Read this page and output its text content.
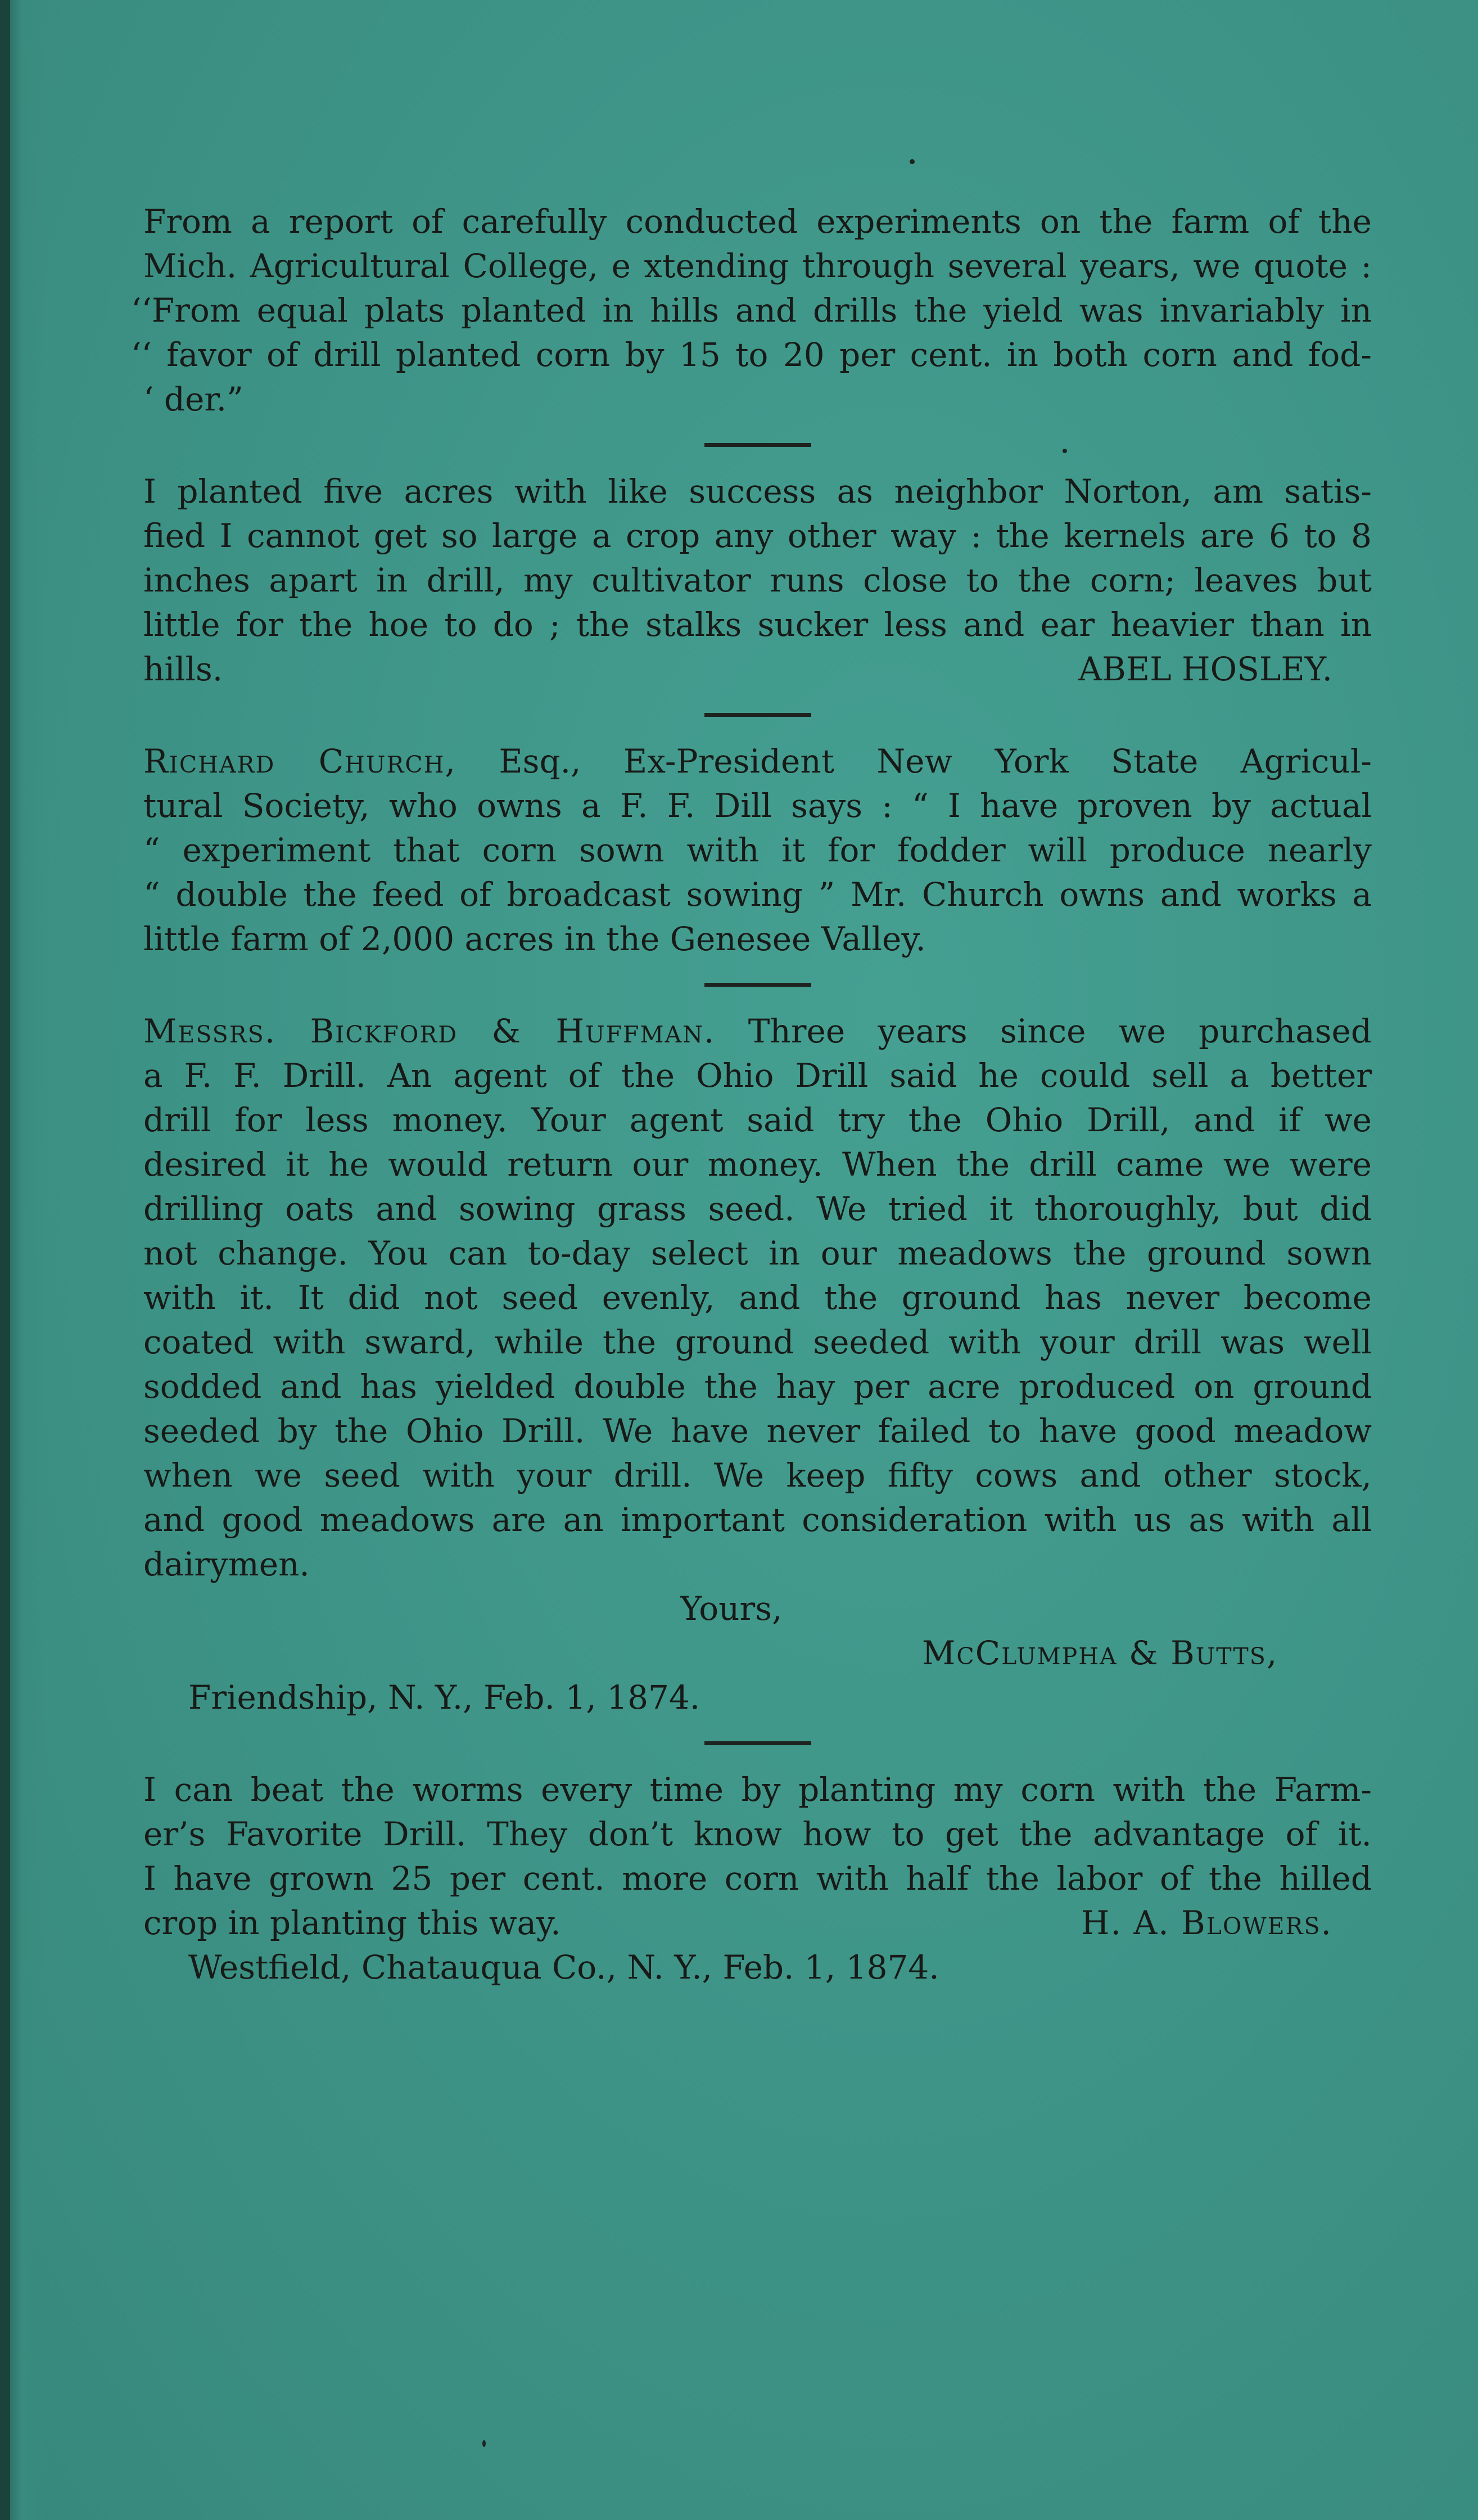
From a report of carefully conducted experiments on the farm of the
Mich. Agricultural College, e xtending through several years, we quote :
‘‘From equal plats planted in hills and drills the yield was invariably in
‘‘ favor of drill planted corn by 15 to 20 per cent. in both corn and fod-
‘ der.”
I planted five acres with like success as neighbor Norton, am satis-
fied I cannot get so large a crop any other way : the kernels are 6 to 8
inches apart in drill, my cultivator runs close to the corn; leaves but
little for the hoe to do ; the stalks sucker less and ear heavier than in
hills.	ABEL HOSLEY.
Richard Church, Esq., Ex-President New York State Agricul-
tural Society, who owns a F. F. Dill says : “ I have proven by actual
“ experiment that corn sown with it for fodder will produce nearly
“ double the feed of broadcast sowing ” Mr. Church owns and works a
little farm of 2,000 acres in the Genesee Valley.
Messrs. Bickford & Huffman. Three years since we purchased
a F. F. Drill. An agent of the Ohio Drill said he could sell a better
drill for less money. Your agent said try the Ohio Drill, and if we
desired it he would return our money. When the drill came we were
drilling oats and sowing grass seed. We tried it thoroughly, but did
not change. You can to-day select in our meadows the ground sown
with it. It did not seed evenly, and the ground has never become
coated with sward, while the ground seeded with your drill was well
sodded and has yielded double the hay per acre produced on ground
seeded by the Ohio Drill. We have never failed to have good meadow
when we seed with your drill. We keep fifty cows and other stock,
and good meadows are an important consideration with us as with all
dairymen.
Yours,
McClumpha & Butts,
Friendship, N. Y., Feb. 1, 1874.
I can beat the worms every time by planting my corn with the Farm-
er’s Favorite Drill. They don’t know how to get the advantage of it.
I have grown 25 per cent. more corn with half the labor of the hilled
crop in planting this way.	H. A. Blowers.
Westfield, Chatauqua Co., N. Y., Feb. 1, 1874.
